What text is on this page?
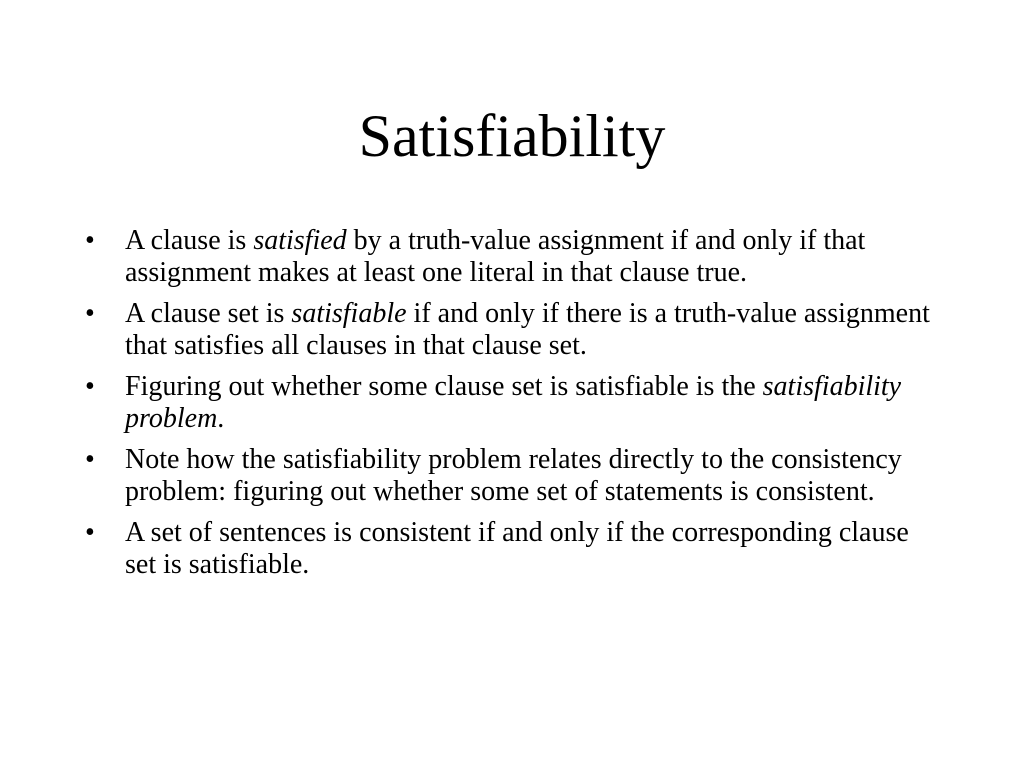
Satisfiability
•	A clause is satisfied by a truth-value assignment if and only if that assignment makes at least one literal in that clause true.
•	A clause set is satisfiable if and only if there is a truth-value assignment that satisfies all clauses in that clause set.
•	Figuring out whether some clause set is satisfiable is the satisfiability problem.
•	Note how the satisfiability problem relates directly to the consistency problem: figuring out whether some set of statements is consistent.
•	A set of sentences is consistent if and only if the corresponding clause set is satisfiable.
